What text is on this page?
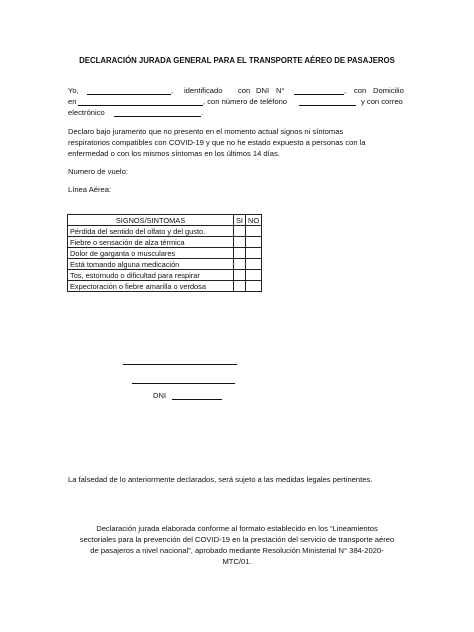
DECLARACIÓN JURADA GENERAL PARA EL TRANSPORTE AÉREO DE PASAJEROS
Yo,	, identificado con DNI N°	, con Domicilio
en	, con número de teléfono	y con correo
electrónico	.
Declaro bajo juramento que no presento en el momento actual signos ni síntomas
respiratorios compatibles con COVID-19 y que no he estado expuesto a personas con la
enfermedad o con los mismos síntomas en los últimos 14 días.
Numero de vuelo:
Línea Aérea:
SIGNOS/SINTOMAS	SI	NO
Pérdida del sentido del olfato y del gusto.		
Fiebre o sensación de alza térmica		
Dolor de garganta o musculares		
Está tomando alguna medicación		
Tos, estornudo o dificultad para respirar		
Expectoración o fiebre amarilla o verdosa		
DNI
La falsedad de lo anteriormente declarados, será sujeto a las medidas legales pertinentes.
Declaración jurada elaborada conforme al formato establecido en los “Lineamientos
sectoriales para la prevención del COVID-19 en la prestación del servicio de transporte aéreo
de pasajeros a nivel nacional”, aprobado mediante Resolución Ministerial N° 384-2020-
MTC/01.
